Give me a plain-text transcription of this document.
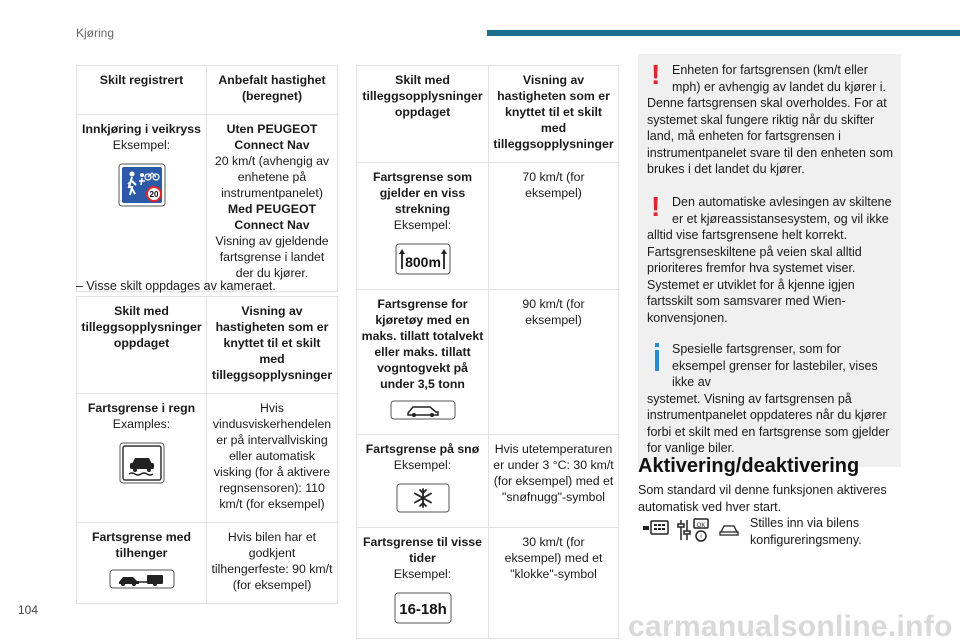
Kjøring
Skilt registrert	Anbefalt hastighet (beregnet)

Innkjøring i veikryss
Eksempel:

20	Uten PEUGEOT Connect Nav
20 km/t (avhengig av enhetene på instrumentpanelet)
Med PEUGEOT Connect Nav
Visning av gjeldende fartsgrense i landet der du kjører.
– Visse skilt oppdages av kameraet.
Skilt med tilleggsopplysninger oppdaget	Visning av hastigheten som er knyttet til et skilt med tilleggsopplysninger

Fartsgrense i regn
Examples:	Hvis vindusviskerhendelen er på intervallvisking eller automatisk visking (for å aktivere regnsensoren): 110 km/t (for eksempel)

Fartsgrense med tilhenger	Hvis bilen har et godkjent tilhengerfeste: 90 km/t (for eksempel)
Skilt med tilleggsopplysninger oppdaget	Visning av hastigheten som er knyttet til et skilt med tilleggsopplysninger

Fartsgrense som gjelder en viss strekning
Eksempel:

800m	70 km/t (for eksempel)

Fartsgrense for kjøretøy med en maks. tillatt totalvekt eller maks. tillatt vogntogvekt på under 3,5 tonn	90 km/t (for eksempel)

Fartsgrense på snø
Eksempel:	Hvis utetemperaturen er under 3 °C: 30 km/t (for eksempel) med et "snøfnugg"-symbol

Fartsgrense til visse tider
Eksempel:

16-18h	30 km/t (for eksempel) med et "klokke"-symbol
! Enheten for fartsgrensen (km/t eller mph) er avhengig av landet du kjører i.
Denne fartsgrensen skal overholdes. For at systemet skal fungere riktig når du skifter land, må enheten for fartsgrensen i instrumentpanelet svare til den enheten som brukes i det landet du kjører.
! Den automatiske avlesingen av skiltene er et kjøreassistansesystem, og vil ikke
alltid vise fartsgrensene helt korrekt. Fartsgrenseskiltene på veien skal alltid prioriteres fremfor hva systemet viser. Systemet er utviklet for å kjenne igjen fartsskilt som samsvarer med Wien-konvensjonen.
Spesielle fartsgrenser, som for eksempel grenser for lastebiler, vises ikke av
systemet. Visning av fartsgrensen på instrumentpanelet oppdateres når du kjører forbi et skilt med en fartsgrense som gjelder for vanlige biler.
Aktivering/deaktivering
Som standard vil denne funksjonen aktiveres automatisk ved hver start.
OK
i
Stilles inn via bilens konfigureringsmeny.
104	carmanualsonline.info
